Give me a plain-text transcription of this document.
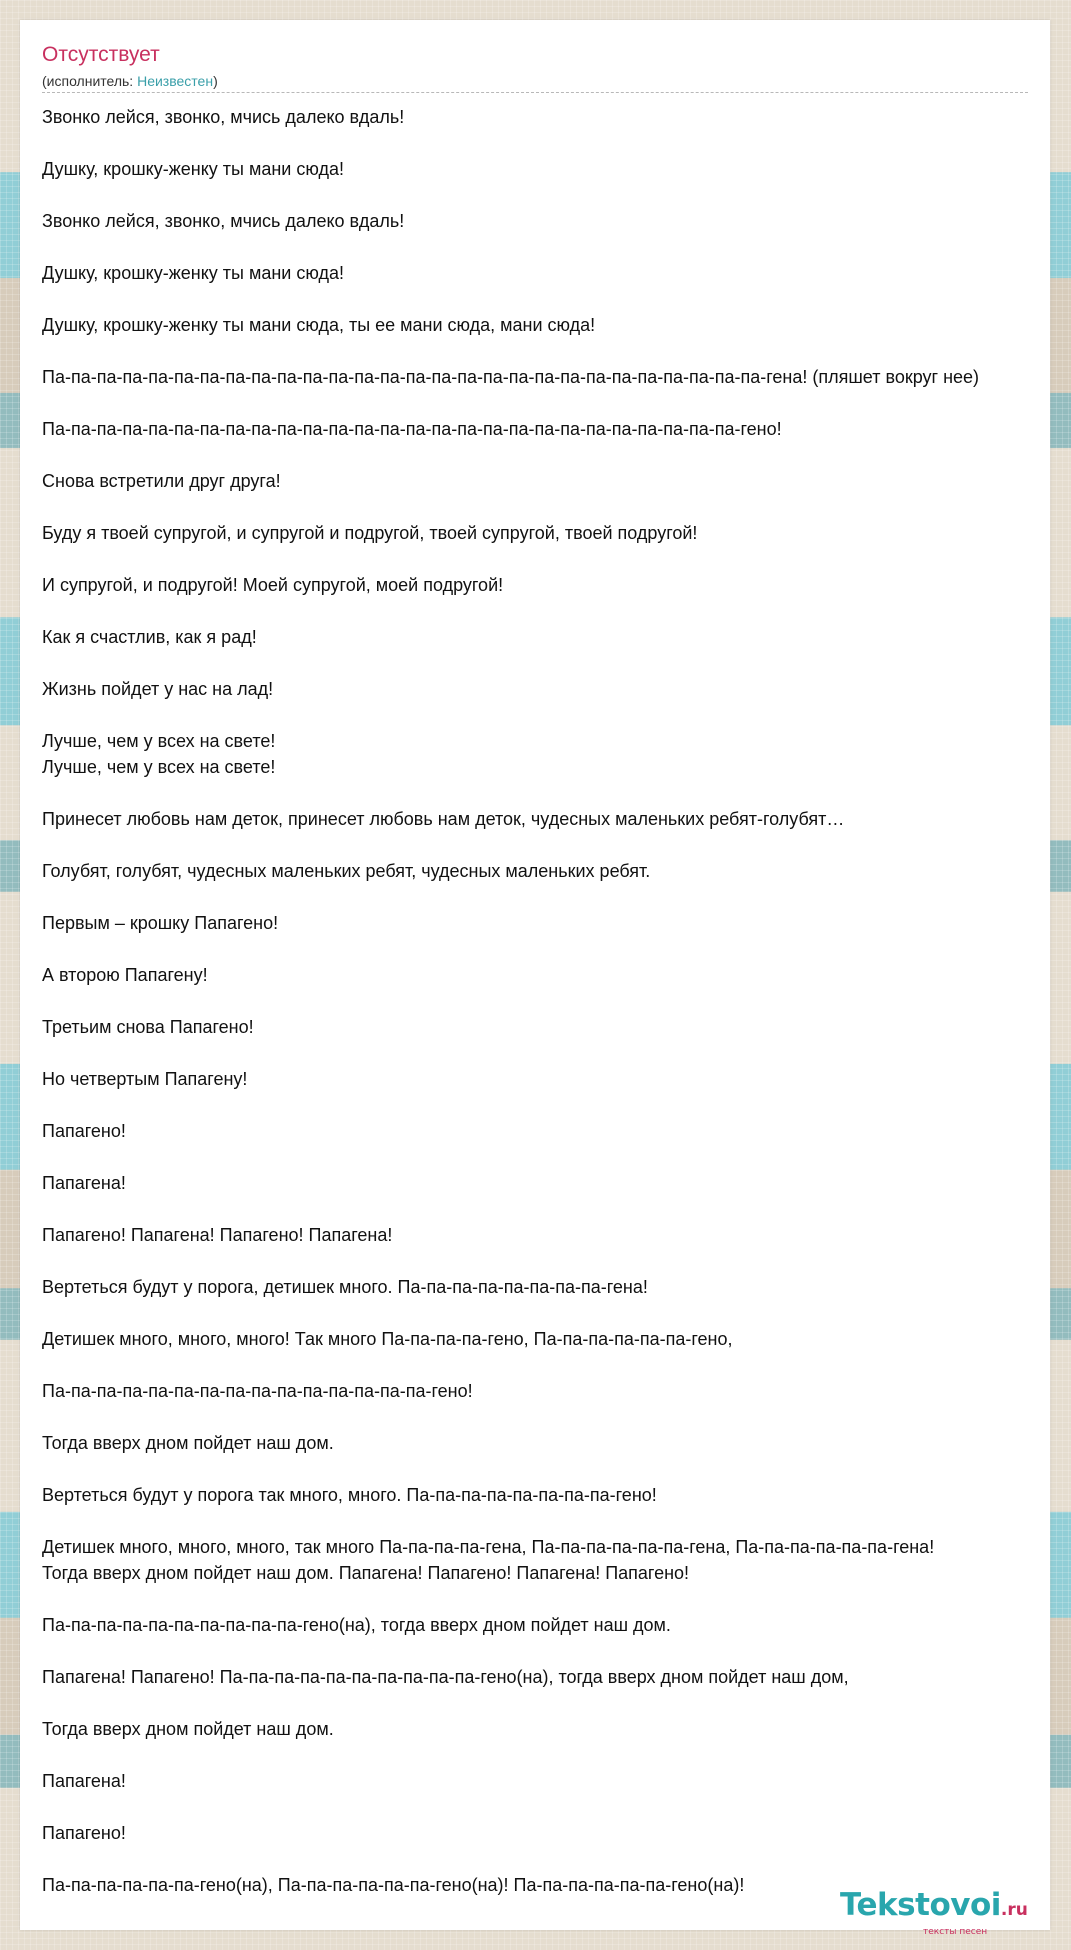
Отсутствует
(исполнитель: Неизвестен)
Звонко лейся, звонко, мчись далеко вдаль!
Душку, крошку-женку ты мани сюда!
Звонко лейся, звонко, мчись далеко вдаль!
Душку, крошку-женку ты мани сюда!
Душку, крошку-женку ты мани сюда, ты ее мани сюда, мани сюда!
Па-па-па-па-па-па-па-па-па-па-па-па-па-па-па-па-па-па-па-па-па-па-па-па-па-па-па-па-гена! (пляшет вокруг нее)
Па-па-па-па-па-па-па-па-па-па-па-па-па-па-па-па-па-па-па-па-па-па-па-па-па-па-па-гено!
Снова встретили друг друга!
Буду я твоей супругой, и супругой и подругой, твоей супругой, твоей подругой!
И супругой, и подругой! Моей супругой, моей подругой!
Как я счастлив, как я рад!
Жизнь пойдет у нас на лад!
Лучше, чем у всех на свете!
Лучше, чем у всех на свете!
Принесет любовь нам деток, принесет любовь нам деток, чудесных маленьких ребят-голубят…
Голубят, голубят, чудесных маленьких ребят, чудесных маленьких ребят.
Первым – крошку Папагено!
А второю Папагену!
Третьим снова Папагено!
Но четвертым Папагену!
Папагено!
Папагена!
Папагено! Папагена! Папагено! Папагена!
Вертеться будут у порога, детишек много. Па-па-па-па-па-па-па-па-гена!
Детишек много, много, много! Так много Па-па-па-па-гено, Па-па-па-па-па-па-гено,
Па-па-па-па-па-па-па-па-па-па-па-па-па-па-па-гено!
Тогда вверх дном пойдет наш дом.
Вертеться будут у порога так много, много. Па-па-па-па-па-па-па-па-гено!
Детишек много, много, много, так много Па-па-па-па-гена, Па-па-па-па-па-па-гена, Па-па-па-па-па-па-гена!
Тогда вверх дном пойдет наш дом. Папагена! Папагено! Папагена! Папагено!
Па-па-па-па-па-па-па-па-па-па-гено(на), тогда вверх дном пойдет наш дом.
Папагена! Папагено! Па-па-па-па-па-па-па-па-па-па-гено(на), тогда вверх дном пойдет наш дом,
Тогда вверх дном пойдет наш дом.
Папагена!
Папагено!
Па-па-па-па-па-па-гено(на), Па-па-па-па-па-па-гено(на)! Па-па-па-па-па-па-гено(на)!
Tekstovoi.ru
тексты песен
